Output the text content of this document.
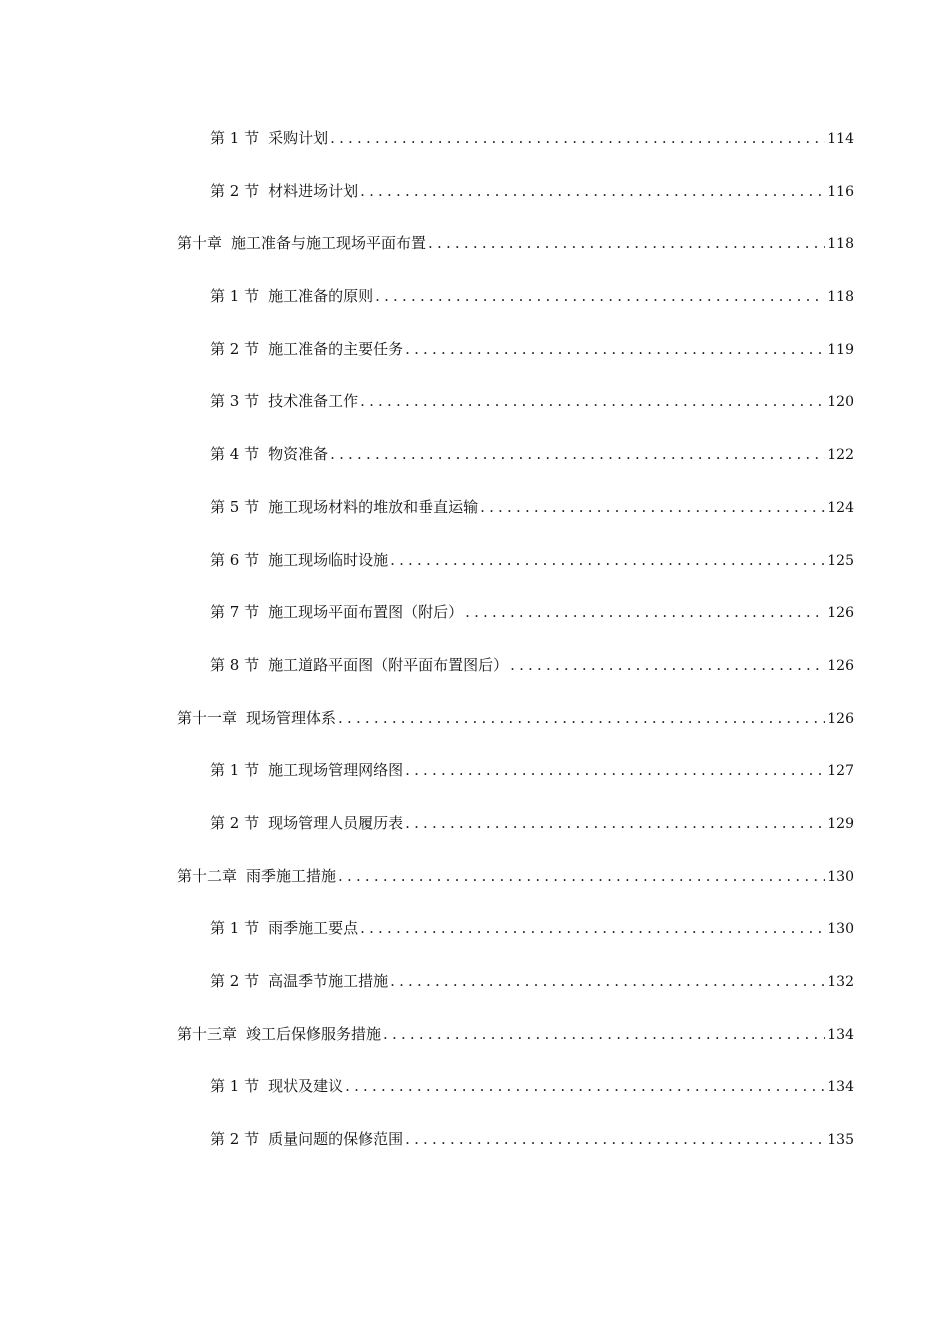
第 1 节 采购计划 .....	114
第 2 节 材料进场计划 .....	116
第十章 施工准备与施工现场平面布置 .....	118
第 1 节 施工准备的原则 .....	118
第 2 节 施工准备的主要任务 .....	119
第 3 节 技术准备工作 .....	120
第 4 节 物资准备 .....	122
第 5 节 施工现场材料的堆放和垂直运输 .....	124
第 6 节 施工现场临时设施 .....	125
第 7 节 施工现场平面布置图（附后） .....	126
第 8 节 施工道路平面图（附平面布置图后） .....	126
第十一章 现场管理体系 .....	126
第 1 节 施工现场管理网络图 .....	127
第 2 节 现场管理人员履历表 .....	129
第十二章 雨季施工措施 .....	130
第 1 节 雨季施工要点 .....	130
第 2 节 高温季节施工措施 .....	132
第十三章 竣工后保修服务措施 .....	134
第 1 节 现状及建议 .....	134
第 2 节 质量问题的保修范围 .....	135
